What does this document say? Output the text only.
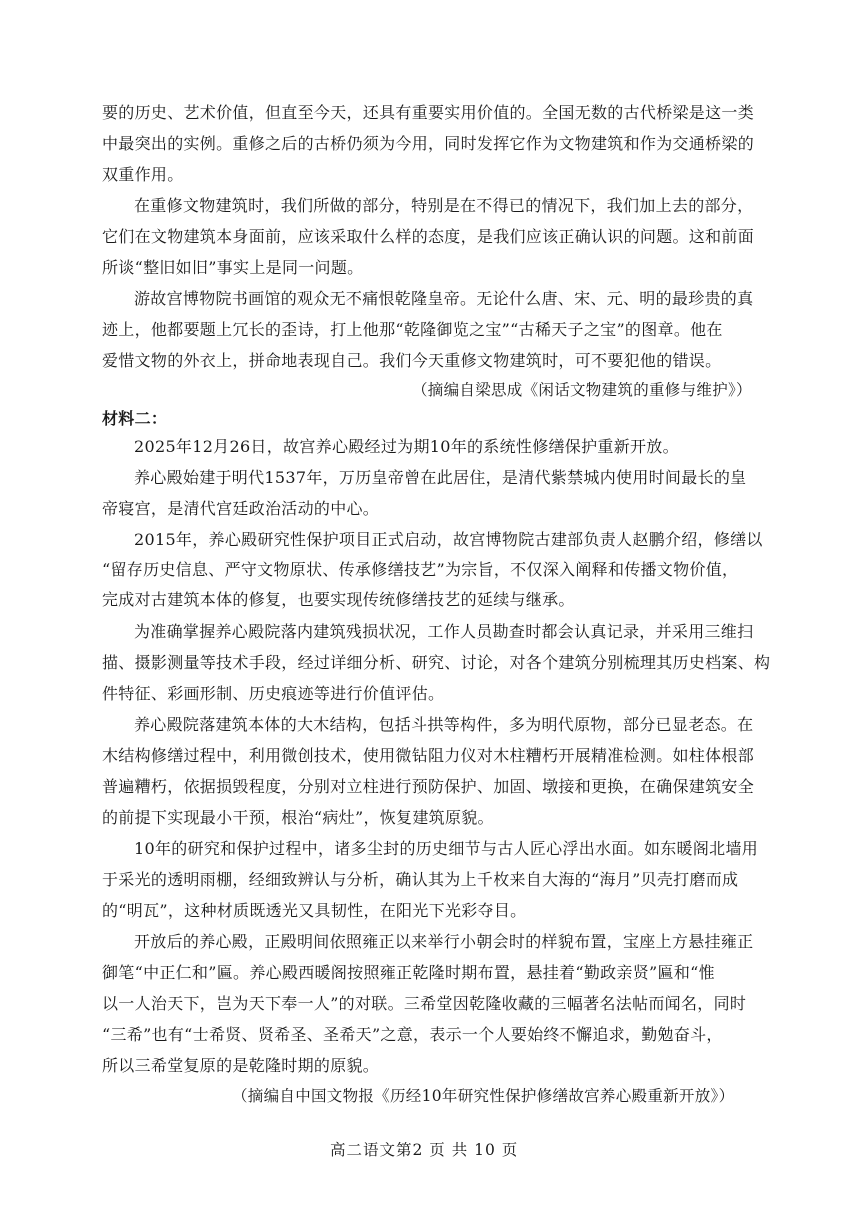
要的历史、艺术价值，但直至今天，还具有重要实用价值的。全国无数的古代桥梁是这一类
中最突出的实例。重修之后的古桥仍须为今用，同时发挥它作为文物建筑和作为交通桥梁的
双重作用。
在重修文物建筑时，我们所做的部分，特别是在不得已的情况下，我们加上去的部分，
它们在文物建筑本身面前，应该采取什么样的态度，是我们应该正确认识的问题。这和前面
所谈“整旧如旧”事实上是同一问题。
游故宫博物院书画馆的观众无不痛恨乾隆皇帝。无论什么唐、宋、元、明的最珍贵的真
迹上，他都要题上冗长的歪诗，打上他那“乾隆御览之宝”“古稀天子之宝”的图章。他在
爱惜文物的外衣上，拼命地表现自己。我们今天重修文物建筑时，可不要犯他的错误。
（摘编自梁思成《闲话文物建筑的重修与维护》）
材料二：
2025年12月26日，故宫养心殿经过为期10年的系统性修缮保护重新开放。
养心殿始建于明代1537年，万历皇帝曾在此居住，是清代紫禁城内使用时间最长的皇
帝寝宫，是清代宫廷政治活动的中心。
2015年，养心殿研究性保护项目正式启动，故宫博物院古建部负责人赵鹏介绍，修缮以
“留存历史信息、严守文物原状、传承修缮技艺”为宗旨，不仅深入阐释和传播文物价值，
完成对古建筑本体的修复，也要实现传统修缮技艺的延续与继承。
为准确掌握养心殿院落内建筑残损状况，工作人员勘查时都会认真记录，并采用三维扫
描、摄影测量等技术手段，经过详细分析、研究、讨论，对各个建筑分别梳理其历史档案、构
件特征、彩画形制、历史痕迹等进行价值评估。
养心殿院落建筑本体的大木结构，包括斗拱等构件，多为明代原物，部分已显老态。在
木结构修缮过程中，利用微创技术，使用微钻阻力仪对木柱糟朽开展精准检测。如柱体根部
普遍糟朽，依据损毁程度，分别对立柱进行预防保护、加固、墩接和更换，在确保建筑安全
的前提下实现最小干预，根治“病灶”，恢复建筑原貌。
10年的研究和保护过程中，诸多尘封的历史细节与古人匠心浮出水面。如东暖阁北墙用
于采光的透明雨棚，经细致辨认与分析，确认其为上千枚来自大海的“海月”贝壳打磨而成
的“明瓦”，这种材质既透光又具韧性，在阳光下光彩夺目。
开放后的养心殿，正殿明间依照雍正以来举行小朝会时的样貌布置，宝座上方悬挂雍正
御笔“中正仁和”匾。养心殿西暖阁按照雍正乾隆时期布置，悬挂着“勤政亲贤”匾和“惟
以一人治天下，岂为天下奉一人”的对联。三希堂因乾隆收藏的三幅著名法帖而闻名，同时
“三希”也有“士希贤、贤希圣、圣希天”之意，表示一个人要始终不懈追求，勤勉奋斗，
所以三希堂复原的是乾隆时期的原貌。
（摘编自中国文物报《历经10年研究性保护修缮故宫养心殿重新开放》）
高二语文第2 页 共 10 页
